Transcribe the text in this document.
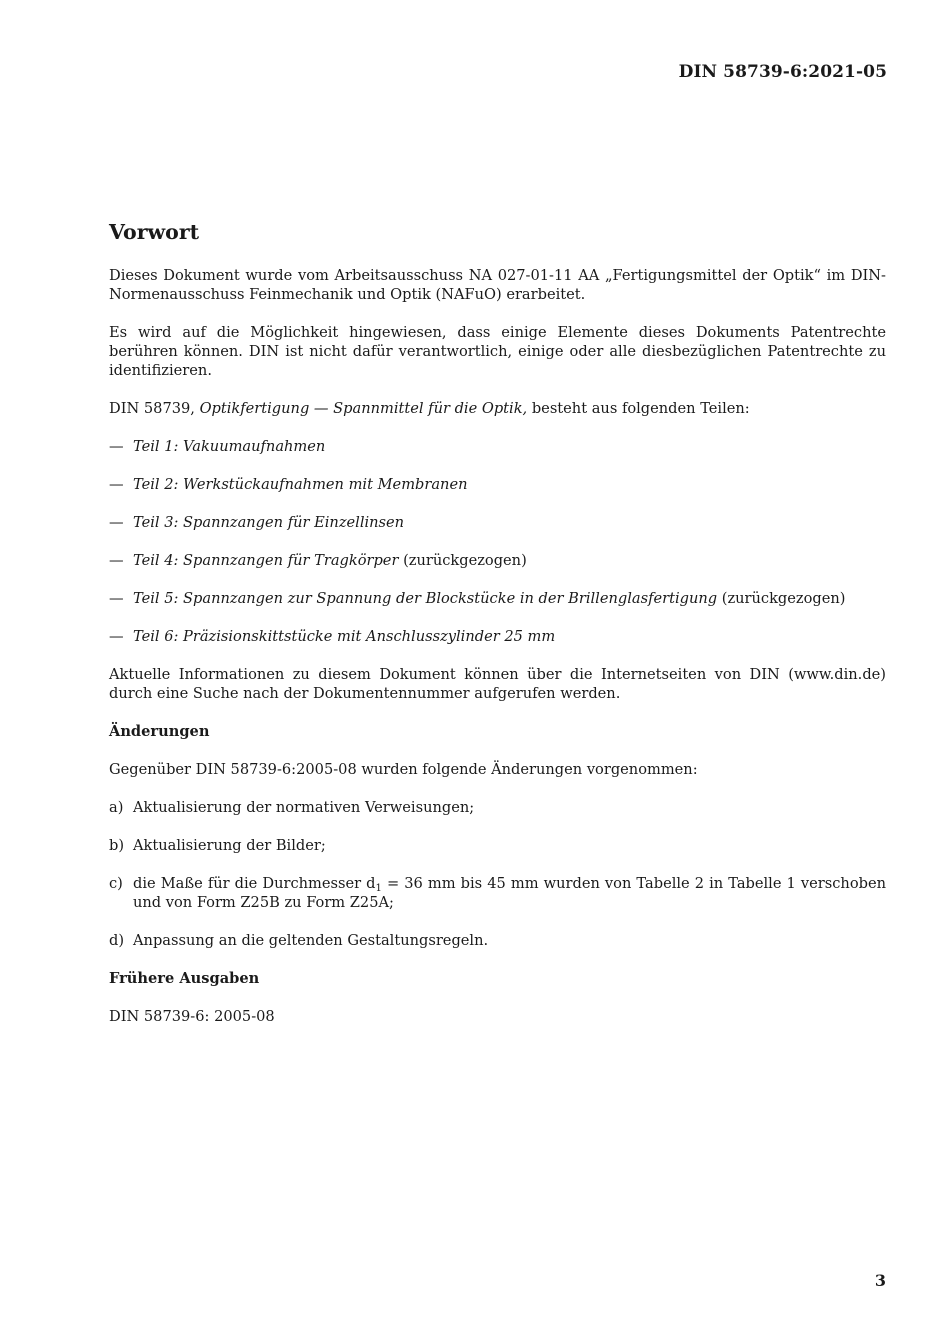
DIN 58739-6:2021-05
Vorwort

Dieses Dokument wurde vom Arbeitsausschuss NA 027-01-11 AA „Fertigungsmittel der Optik“ im DIN-Normenausschuss Feinmechanik und Optik (NAFuO) erarbeitet.

Es wird auf die Möglichkeit hingewiesen, dass einige Elemente dieses Dokuments Patentrechte berühren können. DIN ist nicht dafür verantwortlich, einige oder alle diesbezüglichen Patentrechte zu identifizieren.

DIN 58739, Optikfertigung — Spannmittel für die Optik, besteht aus folgenden Teilen:

— Teil 1: Vakuumaufnahmen
— Teil 2: Werkstückaufnahmen mit Membranen
— Teil 3: Spannzangen für Einzellinsen
— Teil 4: Spannzangen für Tragkörper (zurückgezogen)
— Teil 5: Spannzangen zur Spannung der Blockstücke in der Brillenglasfertigung (zurückgezogen)
— Teil 6: Präzisionskittstücke mit Anschlusszylinder 25 mm

Aktuelle Informationen zu diesem Dokument können über die Internetseiten von DIN (www.din.de) durch eine Suche nach der Dokumentennummer aufgerufen werden.

Änderungen

Gegenüber DIN 58739-6:2005-08 wurden folgende Änderungen vorgenommen:

a) Aktualisierung der normativen Verweisungen;
b) Aktualisierung der Bilder;
c) die Maße für die Durchmesser $d_1 = 36$ mm bis 45 mm wurden von Tabelle 2 in Tabelle 1 verschoben und von Form Z25B zu Form Z25A;
d) Anpassung an die geltenden Gestaltungsregeln.
Frühere Ausgaben

DIN 58739-6: 2005-08

3
